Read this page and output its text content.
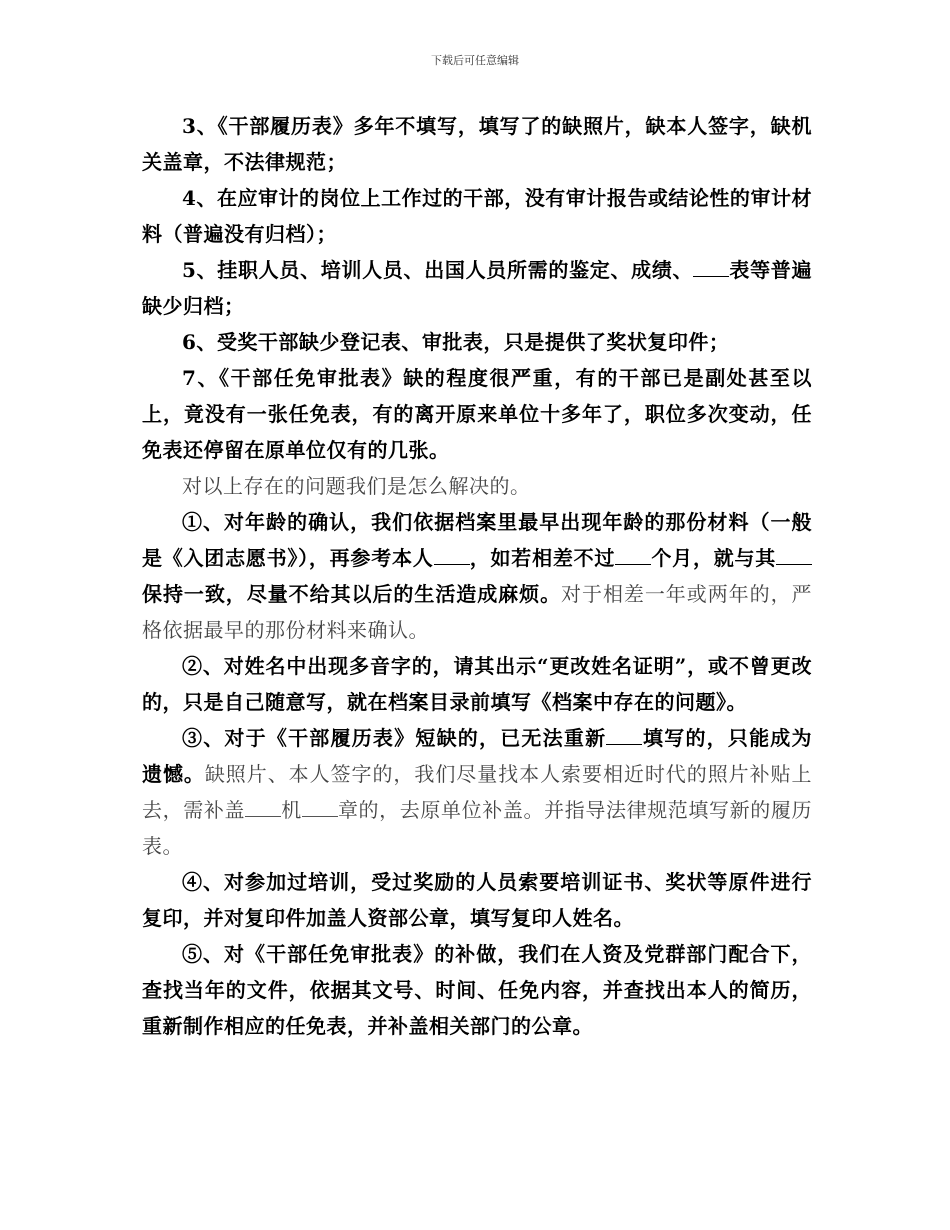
下载后可任意编辑

3、《干部履历表》多年不填写，填写了的缺照片，缺本人签字，缺机关盖章，不法律规范；

4、在应审计的岗位上工作过的干部，没有审计报告或结论性的审计材料（普遍没有归档）；

5、挂职人员、培训人员、出国人员所需的鉴定、成绩、 表等普遍缺少归档；

6、受奖干部缺少登记表、审批表，只是提供了奖状复印件；

7、《干部任免审批表》缺的程度很严重，有的干部已是副处甚至以上，竟没有一张任免表，有的离开原来单位十多年了，职位多次变动，任免表还停留在原单位仅有的几张。

对以上存在的问题我们是怎么解决的。

①、对年龄的确认，我们依据档案里最早出现年龄的那份材料（一般是《入团志愿书》），再参考本人 ，如若相差不过 个月，就与其保持一致，尽量不给其以后的生活造成麻烦。对于相差一年或两年的，严格依据最早的那份材料来确认。

②、对姓名中出现多音字的，请其出示“更改姓名证明”，或不曾更改的，只是自己随意写，就在档案目录前填写《档案中存在的问题》。

③、对于《干部履历表》短缺的，已无法重新 填写的，只能成为遗憾。缺照片、本人签字的，我们尽量找本人索要相近时代的照片补贴上去，需补盖 机 章的，去原单位补盖。并指导法律规范填写新的履历表。

④、对参加过培训，受过奖励的人员索要培训证书、奖状等原件进行复印，并对复印件加盖人资部公章，填写复印人姓名。

⑤、对《干部任免审批表》的补做，我们在人资及党群部门配合下，查找当年的文件，依据其文号、时间、任免内容，并查找出本人的简历，重新制作相应的任免表，并补盖相关部门的公章。
